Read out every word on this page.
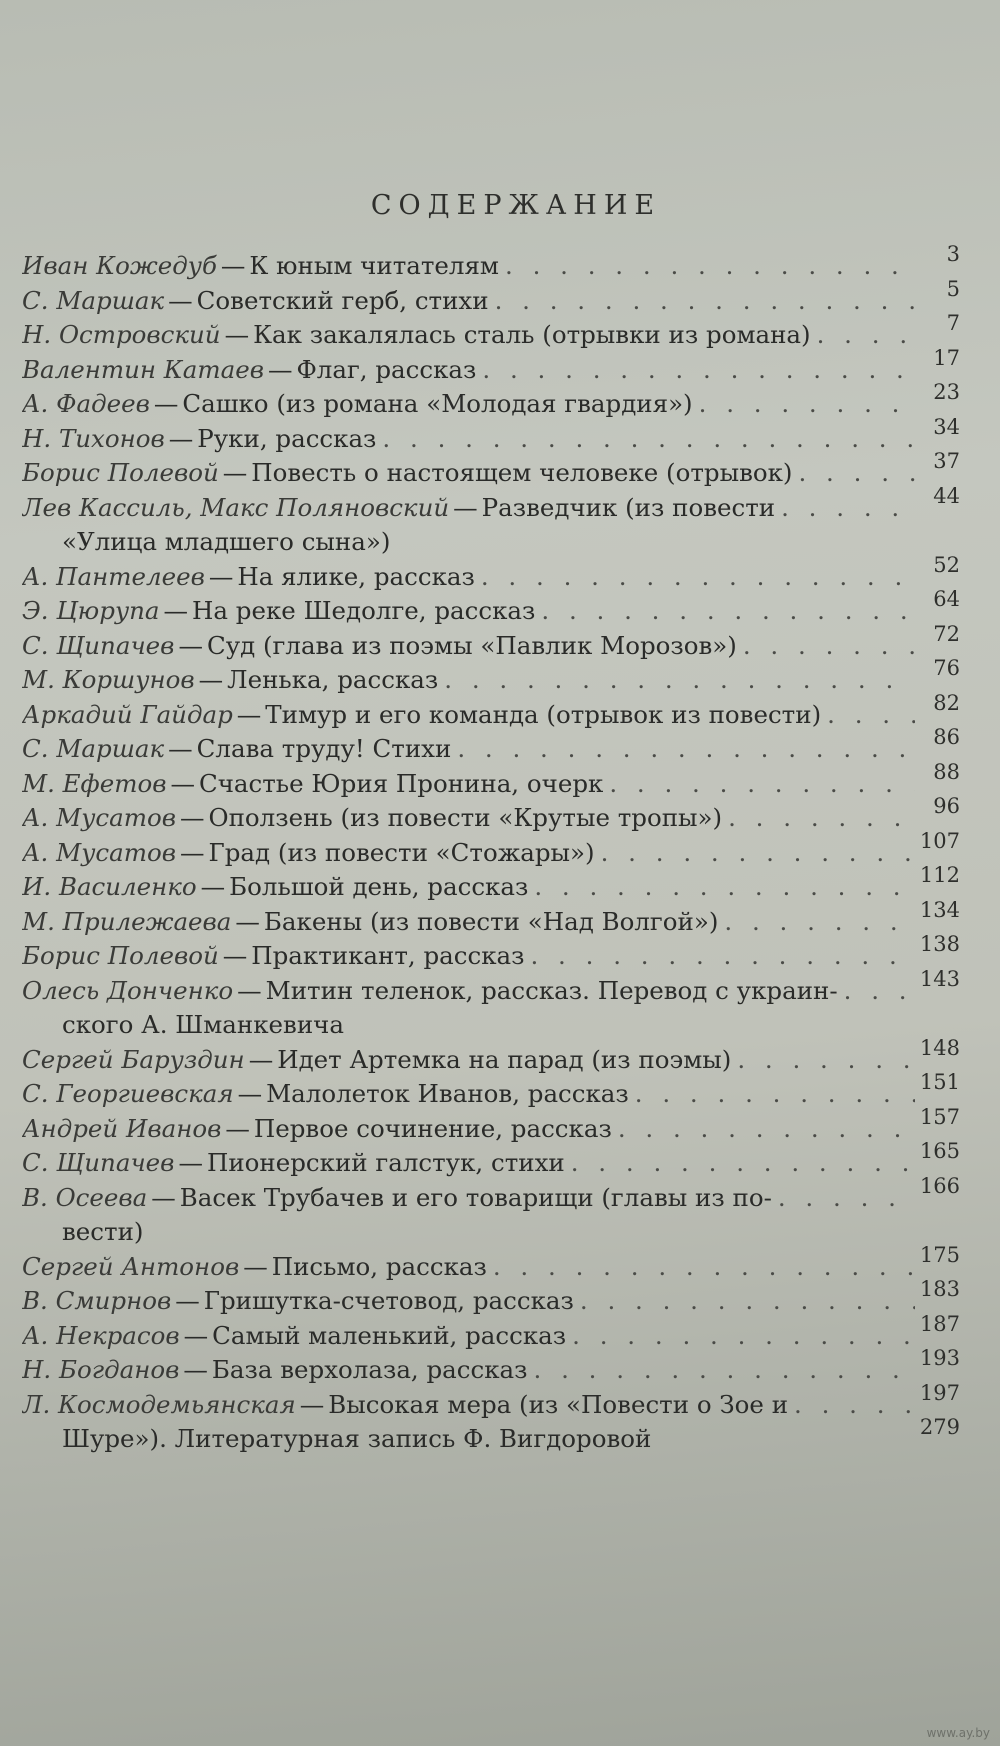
СОДЕРЖАНИЕ
Иван Кожедуб — К юным читателям . . .	3
С. Маршак — Советский герб, стихи . . .	5
Н. Островский — Как закалялась сталь (отрывки из романа) . . .	7
Валентин Катаев — Флаг, рассказ . . .	17
А. Фадеев — Сашко (из романа «Молодая гвардия») . . .	23
Н. Тихонов — Руки, рассказ . . .	34
Борис Полевой — Повесть о настоящем человеке (отрывок) . . .	37
Лев Кассиль, Макс Поляновский — Разведчик (из повести . . .	44
«Улица младшего сына»)
А. Пантелеев — На ялике, рассказ . . .	52
Э. Цюрупа — На реке Шедолге, рассказ . . .	64
С. Щипачев — Суд (глава из поэмы «Павлик Морозов») . . .	72
М. Коршунов — Ленька, рассказ . . .	76
Аркадий Гайдар — Тимур и его команда (отрывок из повести) . . .	82
С. Маршак — Слава труду! Стихи . . .	86
М. Ефетов — Счастье Юрия Пронина, очерк . . .	88
А. Мусатов — Оползень (из повести «Крутые тропы») . . .	96
А. Мусатов — Град (из повести «Стожары») . . .	107
И. Василенко — Большой день, рассказ . . .	112
М. Прилежаева — Бакены (из повести «Над Волгой») . . .	134
Борис Полевой — Практикант, рассказ . . .	138
Олесь Донченко — Митин теленок, рассказ. Перевод с украин- . . .	143
ского А. Шманкевича
Сергей Баруздин — Идет Артемка на парад (из поэмы) . . .	148
С. Георгиевская — Малолеток Иванов, рассказ . . .	151
Андрей Иванов — Первое сочинение, рассказ . . .	157
С. Щипачев — Пионерский галстук, стихи . . .	165
В. Осеева — Васек Трубачев и его товарищи (главы из по- . . .	166
вести)
Сергей Антонов — Письмо, рассказ . . .	175
В. Смирнов — Гришутка-счетовод, рассказ . . .	183
А. Некрасов — Самый маленький, рассказ . . .	187
Н. Богданов — База верхолаза, рассказ . . .	193
Л. Космодемьянская — Высокая мера (из «Повести о Зое и . . .	197
Шуре»). Литературная запись Ф. Вигдоровой	279
www.ay.by
